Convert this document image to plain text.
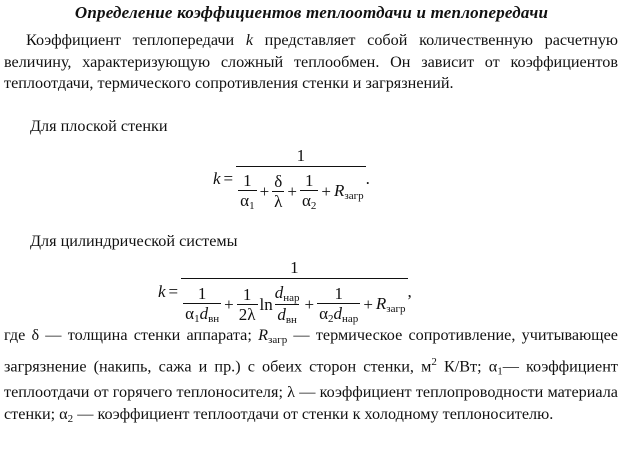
Определение коэффициентов теплоотдачи и теплопередачи
Коэффициент теплопередачи k представляет собой количественную расчетную величину, характеризующую сложный теплообмен. Он зависит от коэффициентов теплоотдачи, термического сопротивления стенки и загрязнений.
Для плоской стенки
k =
1
$\frac{1}{\alpha_1} + \frac{\delta}{\lambda} + \frac{1}{\alpha_2} + R_{загр}$
.
Для цилиндрической системы
k =
1
$\frac{1}{\alpha_1d_{вн}} + \frac{1}{2\lambda}$ $\ln \frac{d_{нар}}{d_{вн}} + \frac{1}{\alpha_2d_{нар}} + R_{загр}$
,
где δ — толщина стенки аппарата; $R_{загр}$ — термическое сопротивление, учитывающее загрязнение (накипь, сажа и пр.) с обеих сторон стенки, $м^2$ К/Вт; $\alpha_1—$ коэффициент теплоотдачи от горячего теплоносителя; λ — коэффициент теплопроводности материала стенки; $\alpha_2$ — коэффициент теплоотдачи от стенки к холодному теплоносителю.
